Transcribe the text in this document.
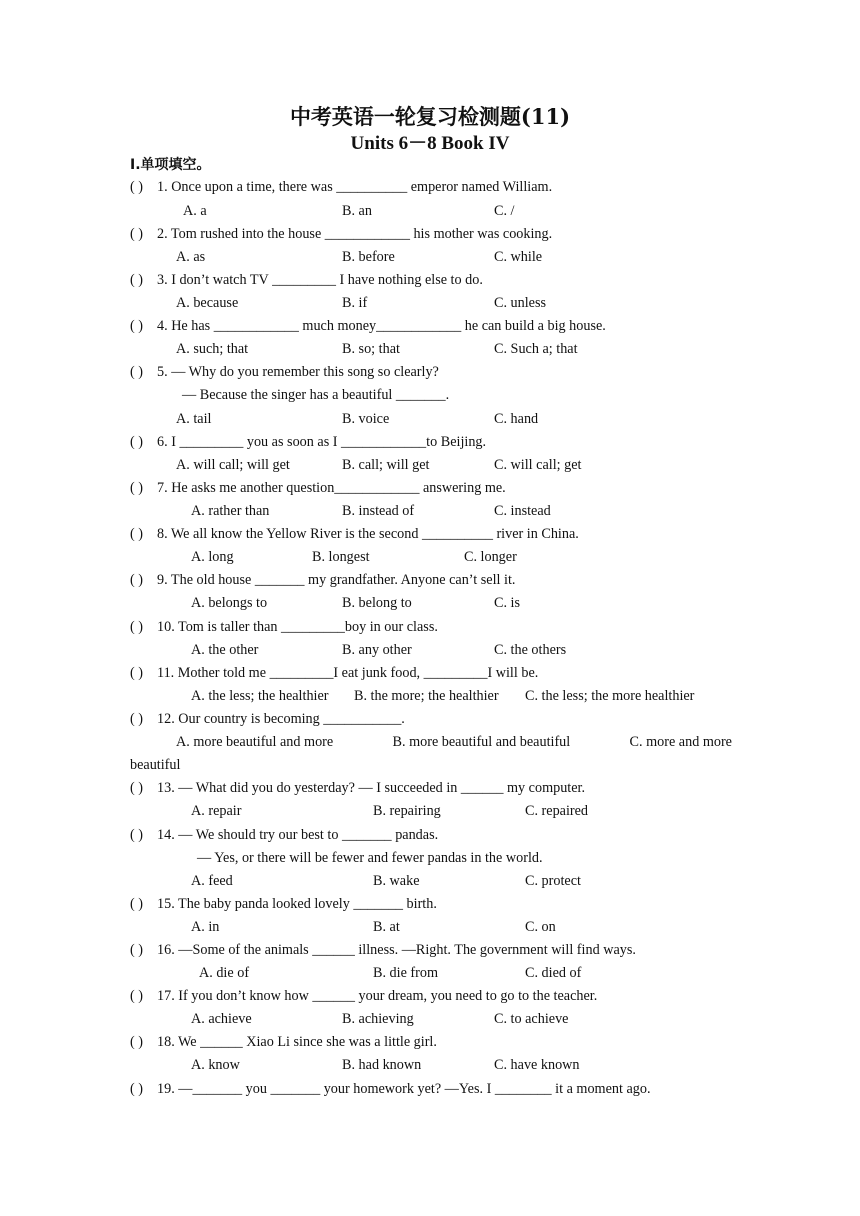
中考英语一轮复习检测题(11)
Units 6－8 Book IV
I.单项填空。
( ) 1. Once upon a time, there was __________ emperor named William.
A. a	B. an	C. /
( ) 2. Tom rushed into the house ____________ his mother was cooking.
A. as	B. before	C. while
( ) 3. I don’t watch TV _________ I have nothing else to do.
A. because	B. if	C. unless
( ) 4. He has ____________ much money____________ he can build a big house.
A. such; that	B. so; that	C. Such a; that
( ) 5. — Why do you remember this song so clearly?
— Because the singer has a beautiful _______.
A. tail	B. voice	C. hand
( ) 6. I _________ you as soon as I ____________to Beijing.
A. will call; will get	B. call; will get	C. will call; get
( ) 7. He asks me another question____________ answering me.
A. rather than	B. instead of	C. instead
( ) 8. We all know the Yellow River is the second __________ river in China.
A. long	B. longest	C. longer
( ) 9. The old house _______ my grandfather. Anyone can’t sell it.
A. belongs to	B. belong to	C. is
( ) 10. Tom is taller than _________boy in our class.
A. the other	B. any other	C. the others
( ) 11. Mother told me _________I eat junk food, _________I will be.
A. the less; the healthier B. the more; the healthier C. the less; the more healthier
( ) 12. Our country is becoming ___________.
A. more beautiful and more	B. more beautiful and beautiful	C. more and more
beautiful
( ) 13. — What did you do yesterday? — I succeeded in ______ my computer.
A. repair	B. repairing	C. repaired
( ) 14. — We should try our best to _______ pandas.
— Yes, or there will be fewer and fewer pandas in the world.
A. feed	B. wake	C. protect
( ) 15. The baby panda looked lovely _______ birth.
A. in	B. at	C. on
( ) 16. —Some of the animals ______ illness. —Right. The government will find ways.
A. die of	B. die from	C. died of
( ) 17. If you don’t know how ______ your dream, you need to go to the teacher.
A. achieve	B. achieving	C. to achieve
( ) 18. We ______ Xiao Li since she was a little girl.
A. know	B. had known	C. have known
( ) 19. —_______ you _______ your homework yet? —Yes. I ________ it a moment ago.
